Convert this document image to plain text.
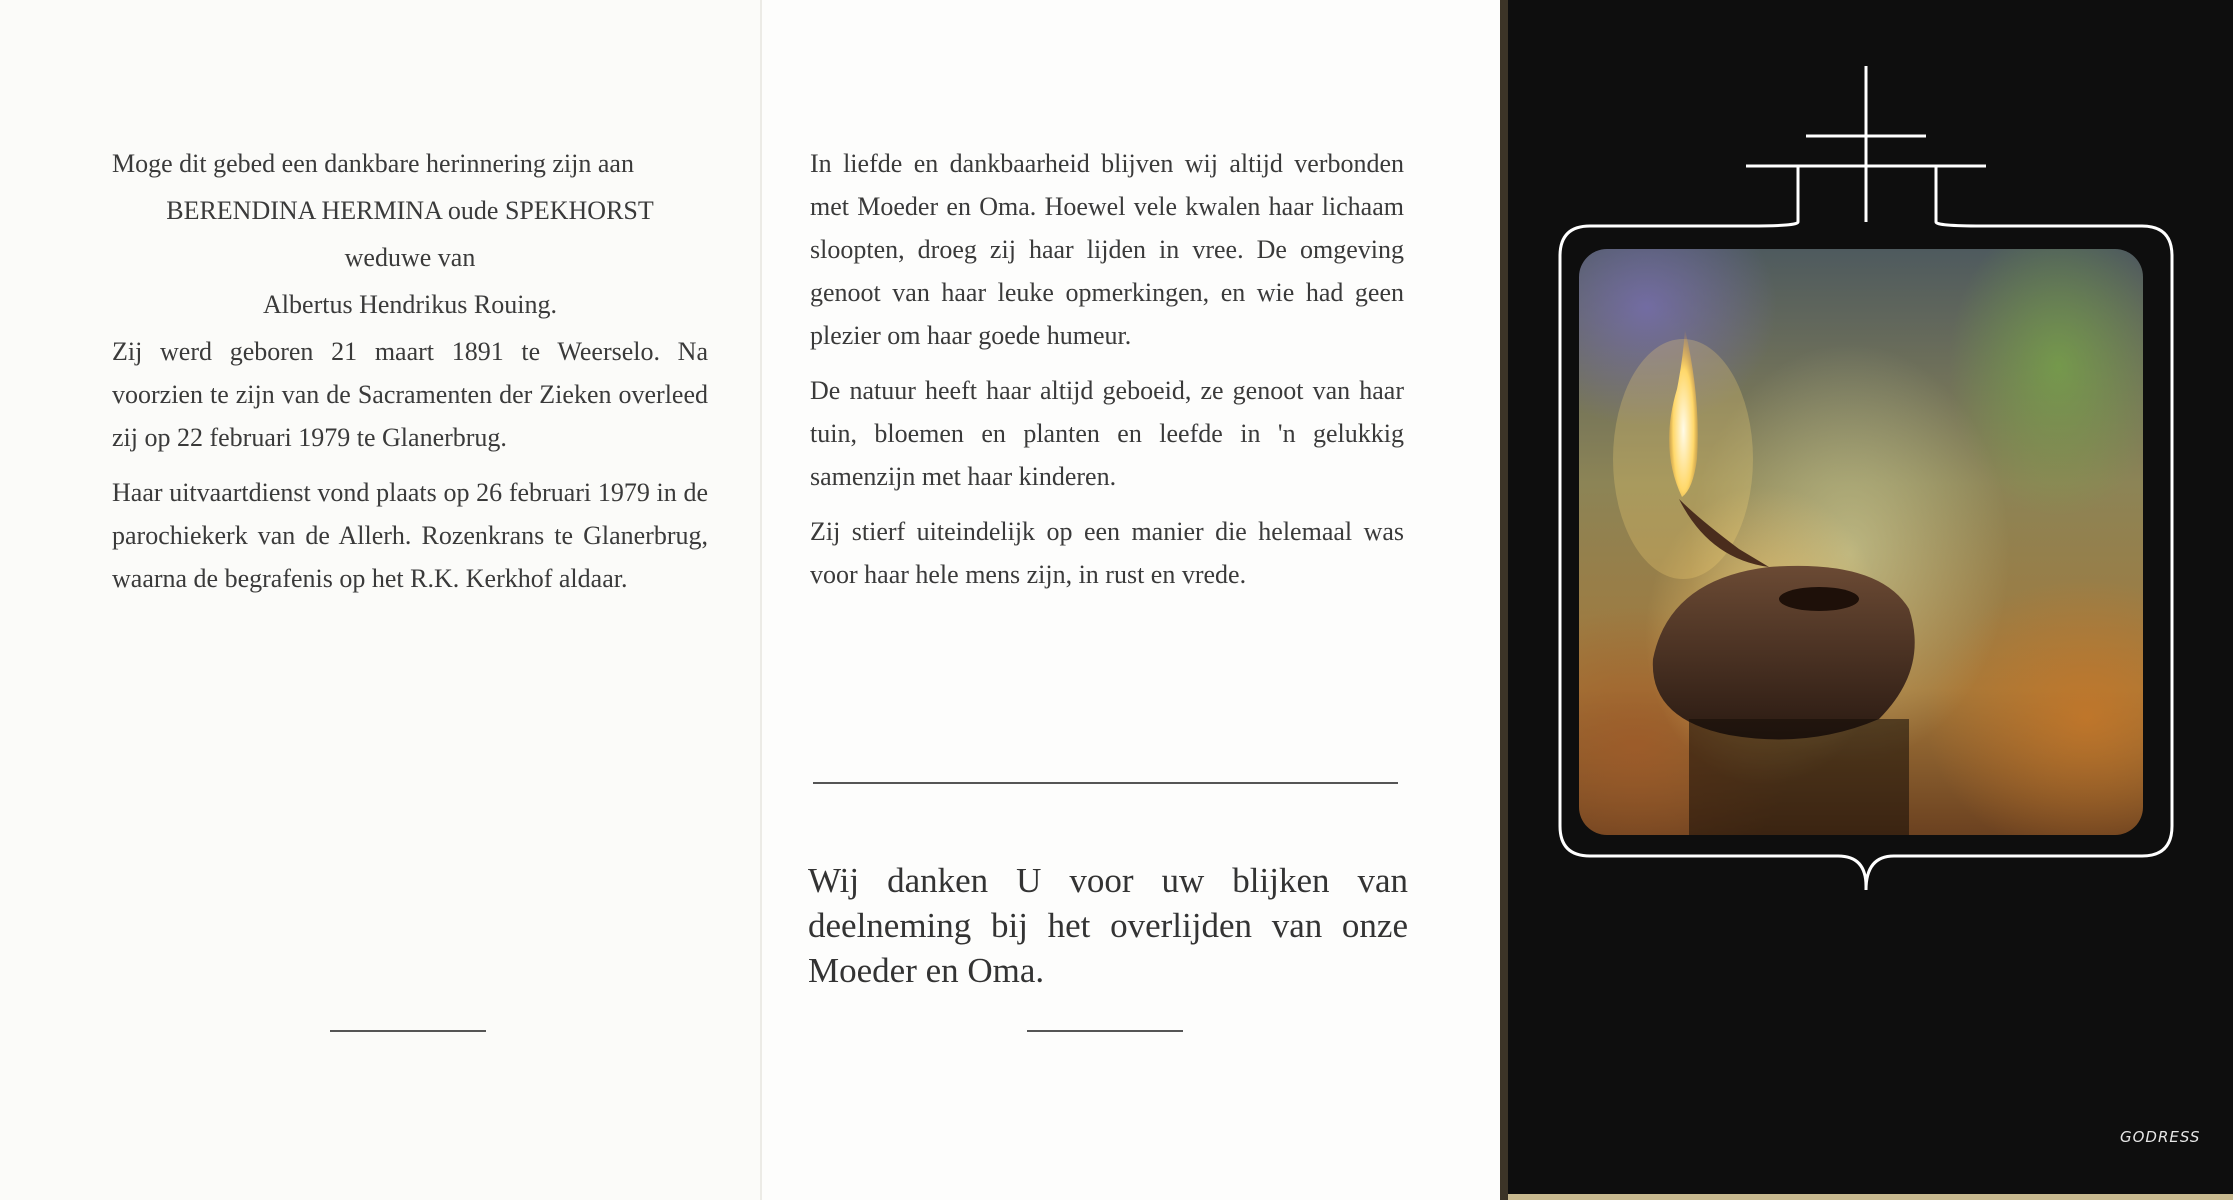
Moge dit gebed een dankbare herinnering zijn aan

BERENDINA HERMINA oude SPEKHORST

weduwe van

Albertus Hendrikus Rouing.

Zij werd geboren 21 maart 1891 te Weerselo. Na voorzien te zijn van de Sacramenten der Zieken overleed zij op 22 februari 1979 te Glanerbrug.

Haar uitvaartdienst vond plaats op 26 februari 1979 in de parochiekerk van de Allerh. Rozenkrans te Glanerbrug, waarna de begrafenis op het R.K. Kerkhof aldaar.

In liefde en dankbaarheid blijven wij altijd verbonden met Moeder en Oma. Hoewel vele kwalen haar lichaam sloopten, droeg zij haar lijden in vree. De omgeving genoot van haar leuke opmerkingen, en wie had geen plezier om haar goede humeur.

De natuur heeft haar altijd geboeid, ze genoot van haar tuin, bloemen en planten en leefde in 'n gelukkig samenzijn met haar kinderen.

Zij stierf uiteindelijk op een manier die helemaal was voor haar hele mens zijn, in rust en vrede.

Wij danken U voor uw blijken van deelneming bij het overlijden van onze Moeder en Oma.
GODRESS
